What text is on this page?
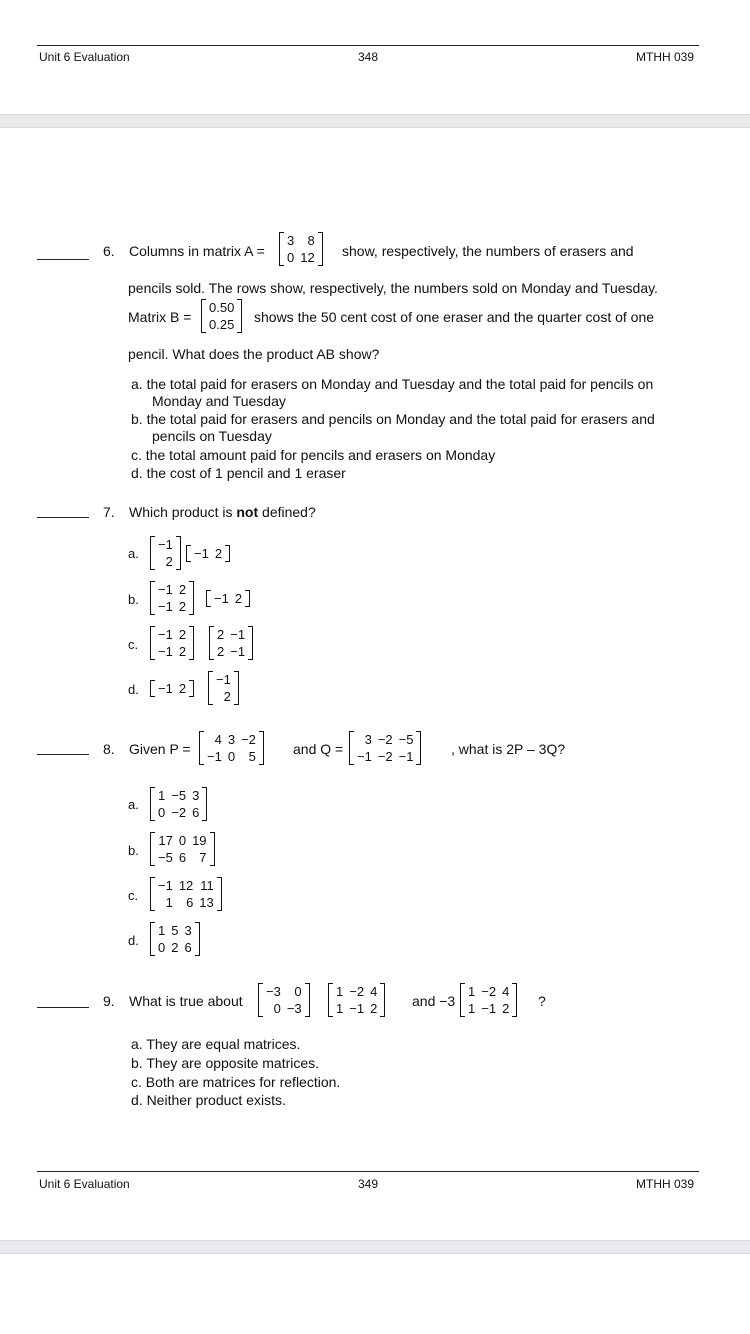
Unit 6 Evaluation	348	MTHH 039
6. Columns in matrix A =
3	8
0	12 show, respectively, the numbers of erasers and
pencils sold. The rows show, respectively, the numbers sold on Monday and Tuesday.
Matrix B =
0.50
0.25 shows the 50 cent cost of one eraser and the quarter cost of one
pencil. What does the product AB show?
a. the total paid for erasers on Monday and Tuesday and the total paid for pencils on
Monday and Tuesday
b. the total paid for erasers and pencils on Monday and the total paid for erasers and
pencils on Tuesday
c. the total amount paid for pencils and erasers on Monday
d. the cost of 1 pencil and 1 eraser
7. Which product is not defined?
a.
−1
2
−1	2
b.
−1	2
−1	2
−1	2
c.
−1	2
−1	2
2	−1
2	−1
d. −1	2
−1
2
8. Given P =
4	3	−2
−1	0	5	and Q =
3	−2	−5
−1	−2	−1	, what is 2P – 3Q?
a.
1	−5	3
0	−2	6
b.
17	0	19
−5	6	7
c.
−1	12	11
1	6	13
d.
1	5	3
0	2	6
9. What is true about
−3	0
0	−3
1	−2	4
1	−1	2 and −3
1	−2	4
1	−1	2 ?
a. They are equal matrices.
b. They are opposite matrices.
c. Both are matrices for reflection.
d. Neither product exists.
Unit 6 Evaluation	349	MTHH 039
